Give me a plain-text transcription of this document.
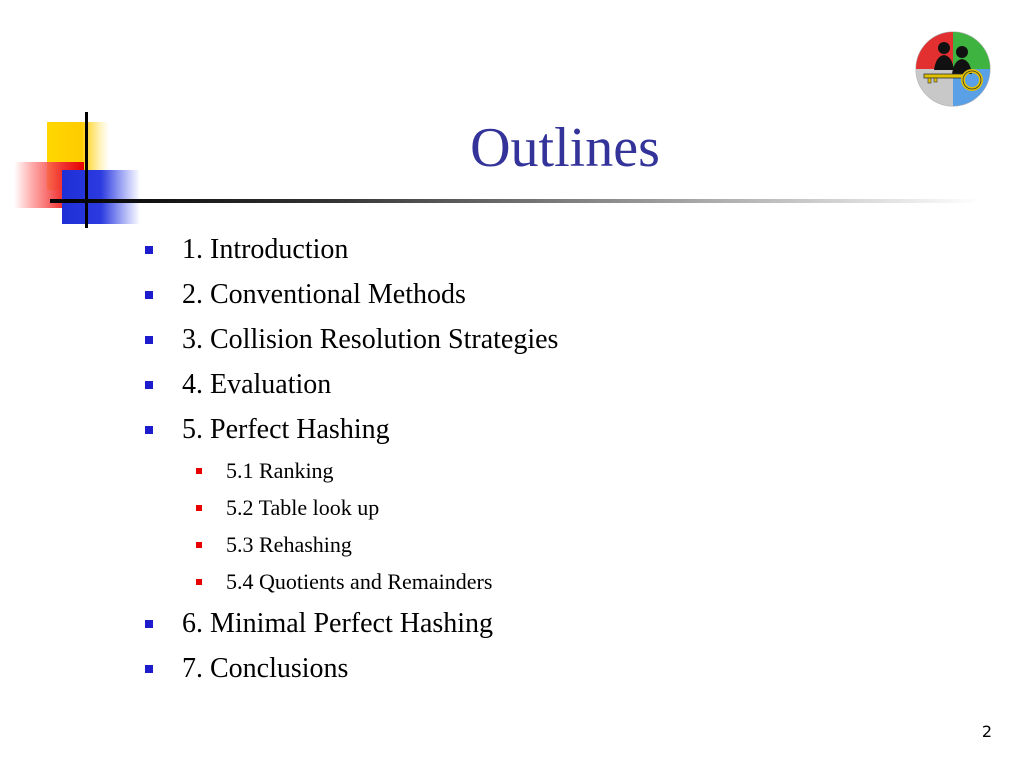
Outlines
1. Introduction
2. Conventional Methods
3. Collision Resolution Strategies
4. Evaluation
5. Perfect Hashing
5.1 Ranking
5.2 Table look up
5.3 Rehashing
5.4 Quotients and Remainders
6. Minimal Perfect Hashing
7. Conclusions
2
